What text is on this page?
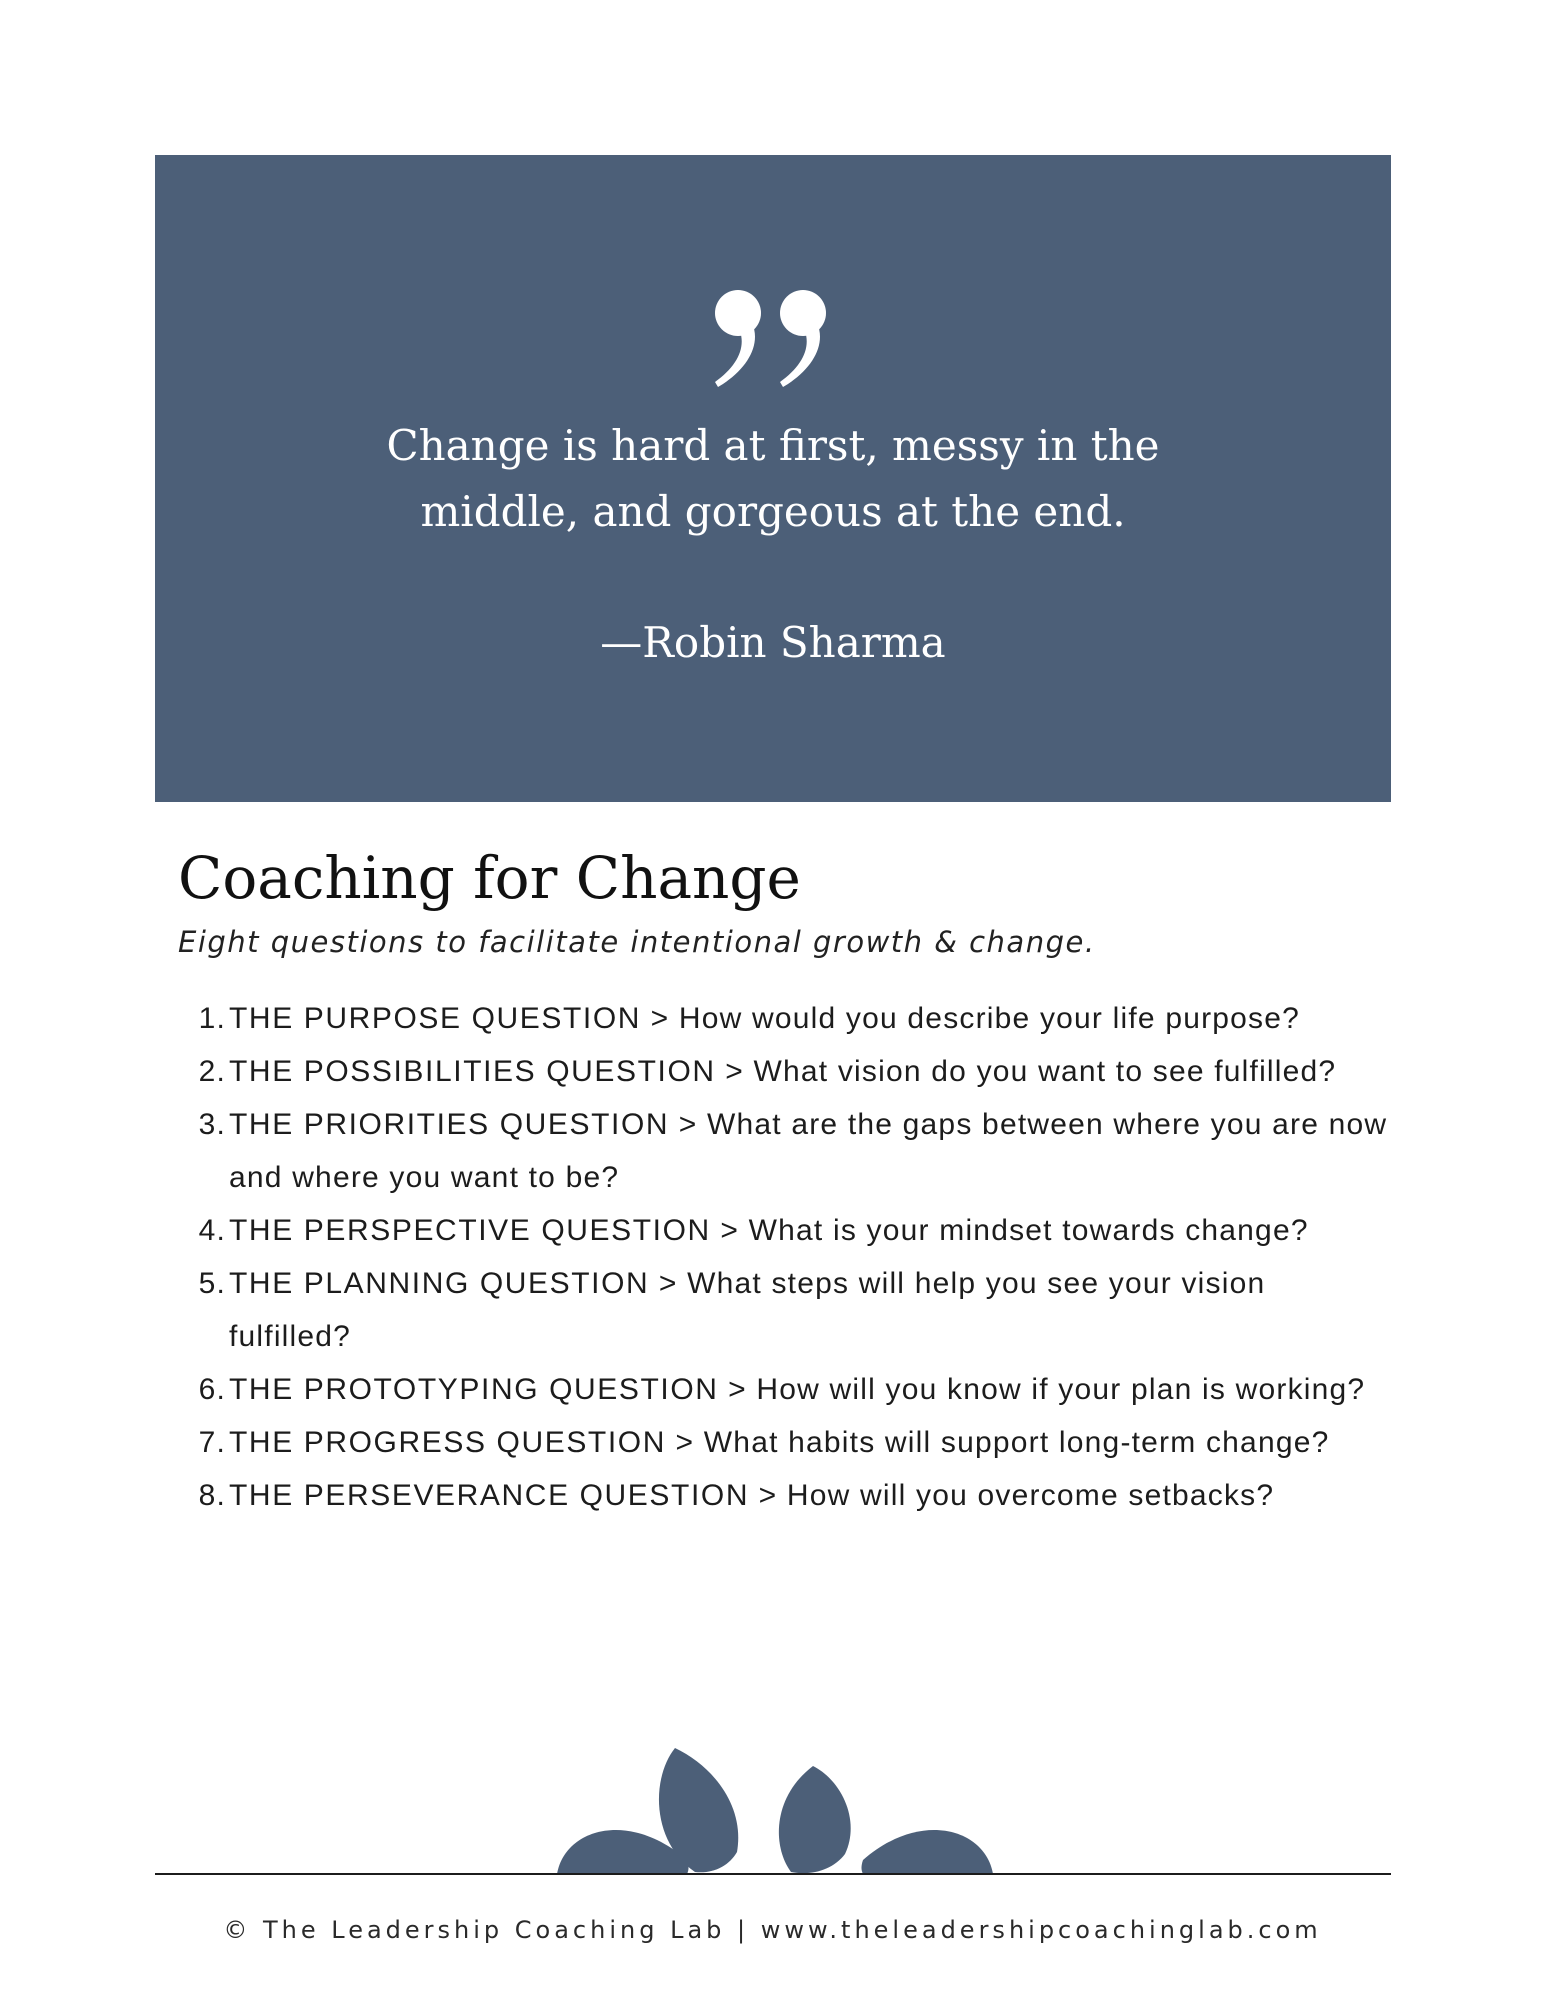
Change is hard at first, messy in the
middle, and gorgeous at the end.
—Robin Sharma
Coaching for Change
Eight questions to facilitate intentional growth & change.
1. THE PURPOSE QUESTION > How would you describe your life purpose?
2. THE POSSIBILITIES QUESTION > What vision do you want to see fulfilled?
3. THE PRIORITIES QUESTION > What are the gaps between where you are now and where you want to be?
4. THE PERSPECTIVE QUESTION > What is your mindset towards change?
5. THE PLANNING QUESTION > What steps will help you see your vision fulfilled?
6. THE PROTOTYPING QUESTION > How will you know if your plan is working?
7. THE PROGRESS QUESTION > What habits will support long-term change?
8. THE PERSEVERANCE QUESTION > How will you overcome setbacks?
© The Leadership Coaching Lab | www.theleadershipcoachinglab.com
